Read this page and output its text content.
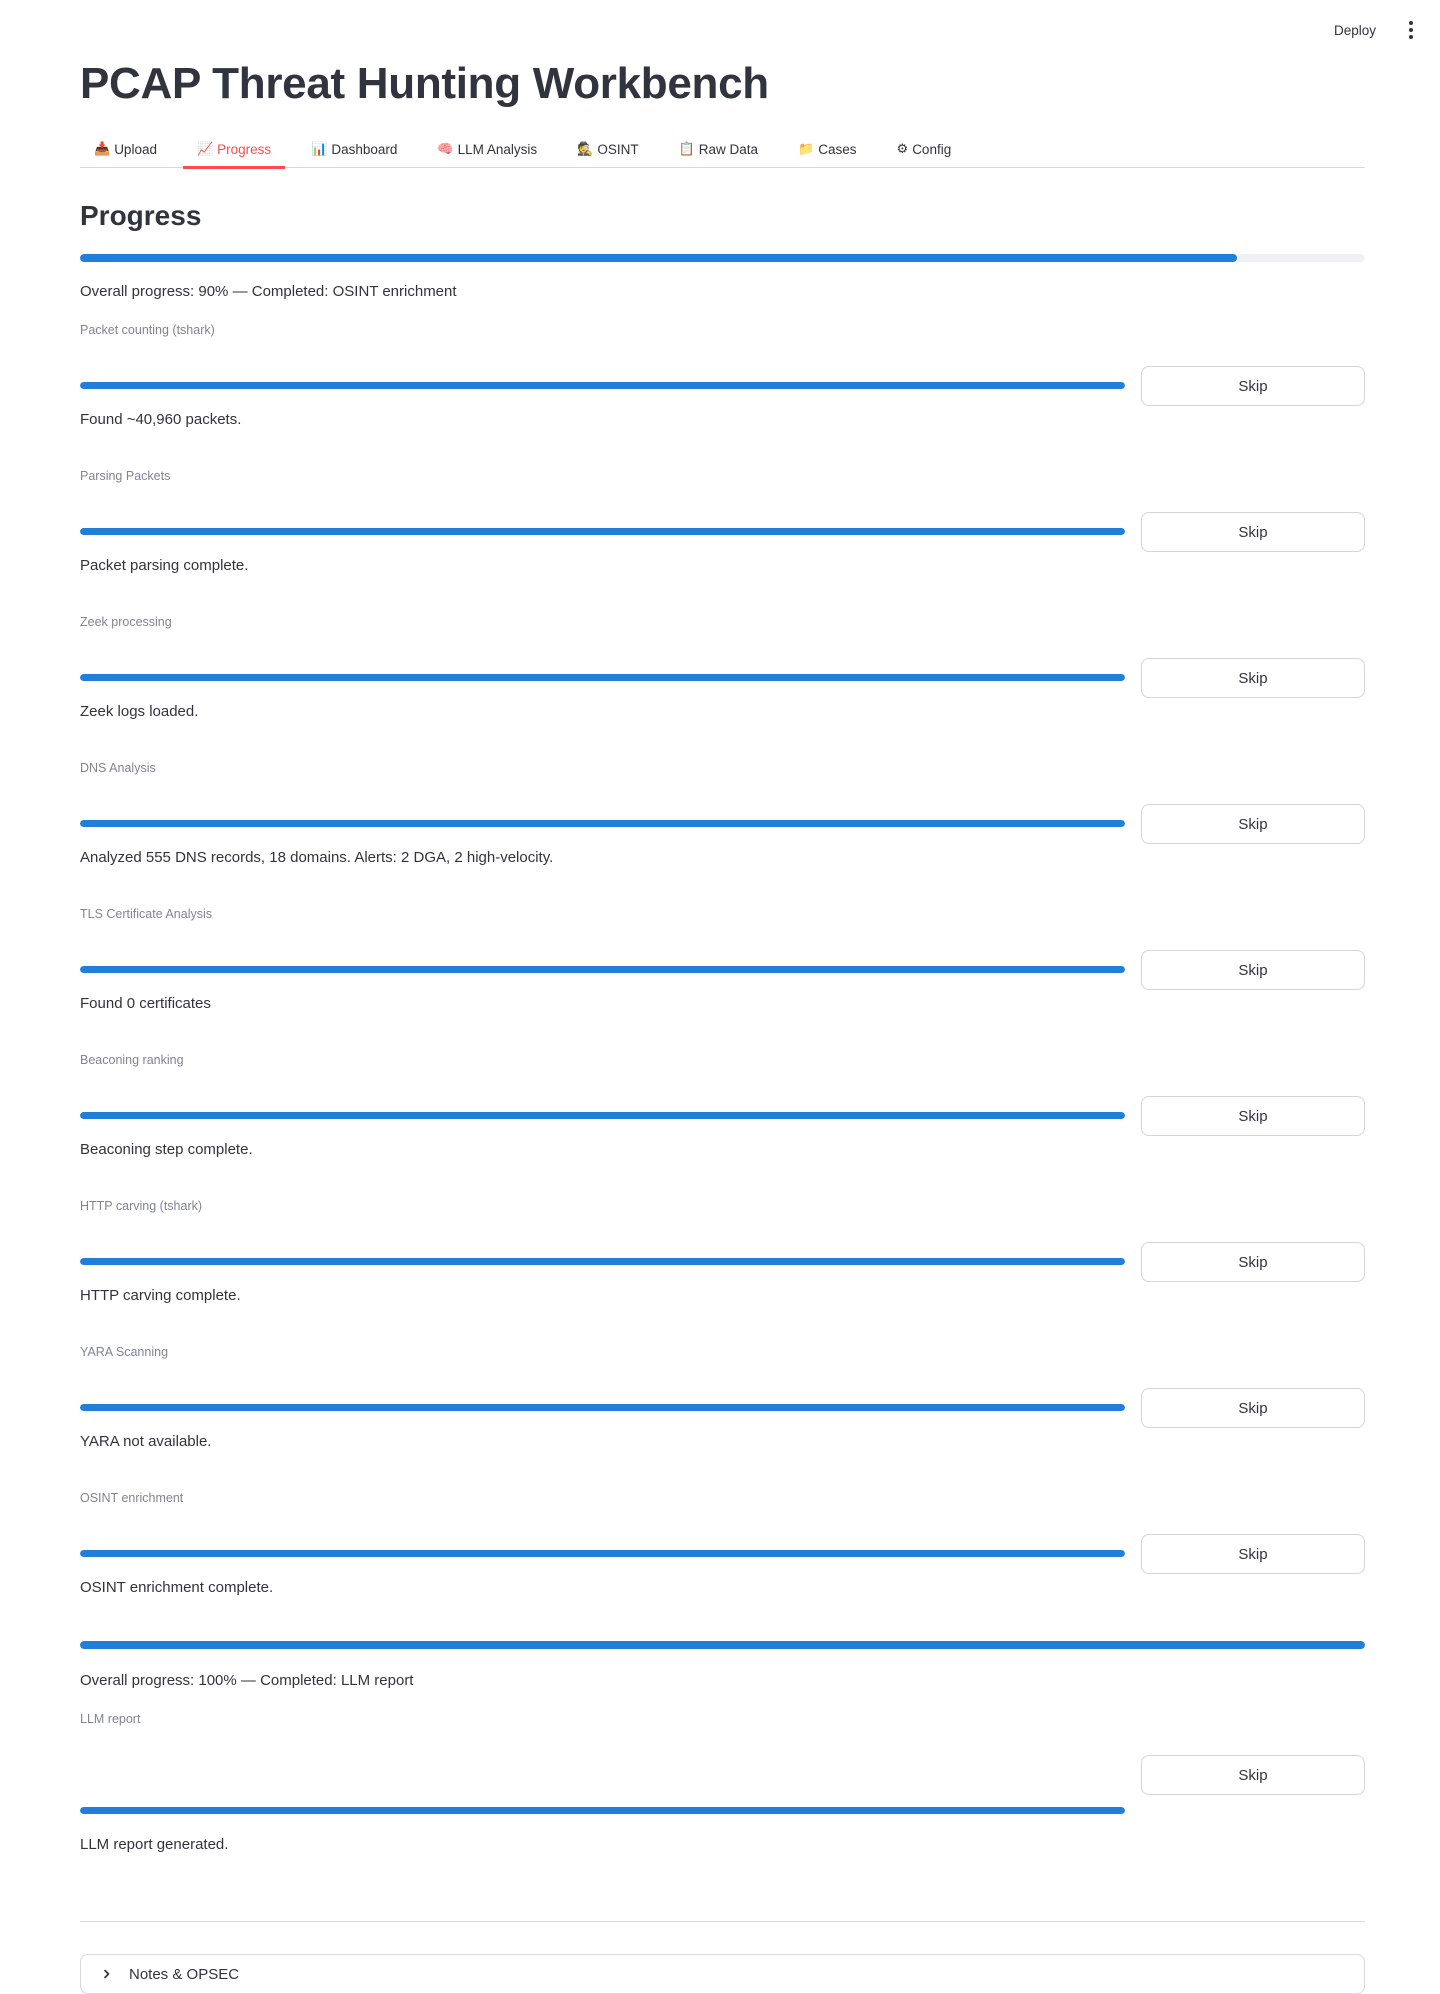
Deploy
PCAP Threat Hunting Workbench
📥 Upload	📈 Progress	📊 Dashboard	🧠 LLM Analysis	🕵 OSINT	📋 Raw Data	📁 Cases	⚙ Config
Progress
Overall progress: 90% — Completed: OSINT enrichment
Packet counting (tshark)
Found ~40,960 packets.
Skip
Parsing Packets
Packet parsing complete.
Skip
Zeek processing
Zeek logs loaded.
Skip
DNS Analysis
Analyzed 555 DNS records, 18 domains. Alerts: 2 DGA, 2 high-velocity.
Skip
TLS Certificate Analysis
Found 0 certificates
Skip
Beaconing ranking
Beaconing step complete.
Skip
HTTP carving (tshark)
HTTP carving complete.
Skip
YARA Scanning
YARA not available.
Skip
OSINT enrichment
OSINT enrichment complete.
Skip
Overall progress: 100% — Completed: LLM report
LLM report
LLM report generated.
Skip
Notes & OPSEC
